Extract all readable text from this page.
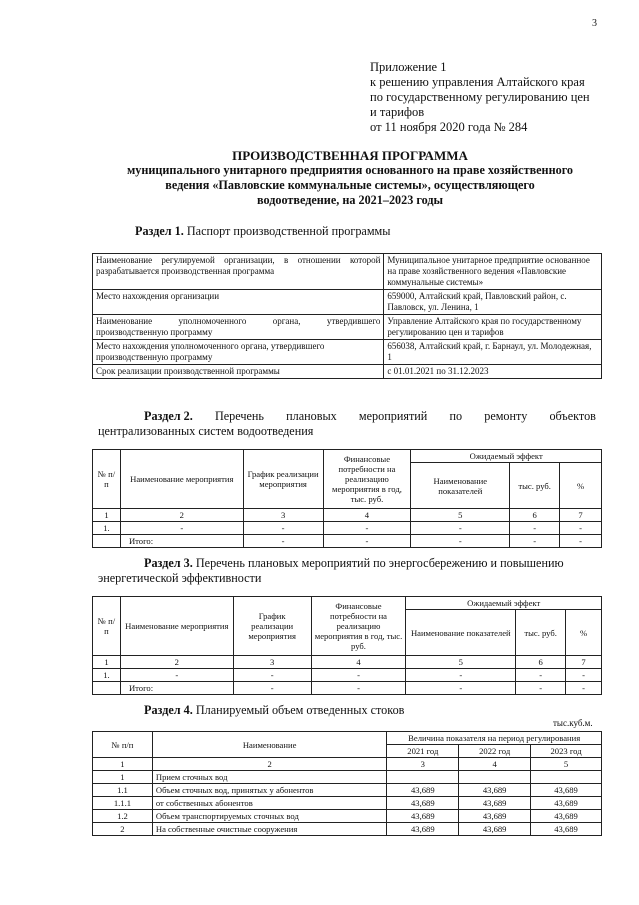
3
Приложение 1
к решению управления Алтайского края
по государственному регулированию цен
и тарифов
от 11 ноября 2020 года № 284
ПРОИЗВОДСТВЕННАЯ ПРОГРАММА
муниципального унитарного предприятия основанного на праве хозяйственного
ведения «Павловские коммунальные системы», осуществляющего
водоотведение, на 2021–2023 годы
Раздел 1. Паспорт производственной программы
Наименование регулируемой организации, в отношении которой разрабатывается производственная программа	Муниципальное унитарное предприятие основанное на праве хозяйственного ведения «Павловские коммунальные системы»
Место нахождения организации	659000, Алтайский край, Павловский район, с. Павловск, ул. Ленина, 1
Наименование уполномоченного органа, утвердившего производственную программу	Управление Алтайского края по государственному регулированию цен и тарифов
Место нахождения уполномоченного органа, утвердившего производственную программу	656038, Алтайский край, г. Барнаул, ул. Молодежная, 1
Срок реализации производственной программы	с 01.01.2021 по 31.12.2023
Раздел 2. Перечень плановых мероприятий по ремонту объектов
централизованных систем водоотведения
№ п/п	Наименование мероприятия	График реализации мероприятия	Финансовые потребности на реализацию мероприятия в год, тыс. руб.	Ожидаемый эффект		
				Наименование показателей	тыс. руб.	%
1	2	3	4	5	6	7
1.	-	-	-	-	-	-
	Итого:	-	-	-	-	-
Раздел 3. Перечень плановых мероприятий по энергосбережению и повышению
энергетической эффективности
№ п/п	Наименование мероприятия	График реализации мероприятия	Финансовые потребности на реализацию мероприятия в год, тыс. руб.	Ожидаемый эффект		
				Наименование показателей	тыс. руб.	%
1	2	3	4	5	6	7
1.	-	-	-	-	-	-
	Итого:	-	-	-	-	-
Раздел 4. Планируемый объем отведенных стоков
тыс.куб.м.
№ п/п	Наименование	Величина показателя на период регулирования		
		2021 год	2022 год	2023 год
1	2	3	4	5
1	Прием сточных вод			
1.1	Объем сточных вод, принятых у абонентов	43,689	43,689	43,689
1.1.1	от собственных абонентов	43,689	43,689	43,689
1.2	Объем транспортируемых сточных вод	43,689	43,689	43,689
2	На собственные очистные сооружения	43,689	43,689	43,689
